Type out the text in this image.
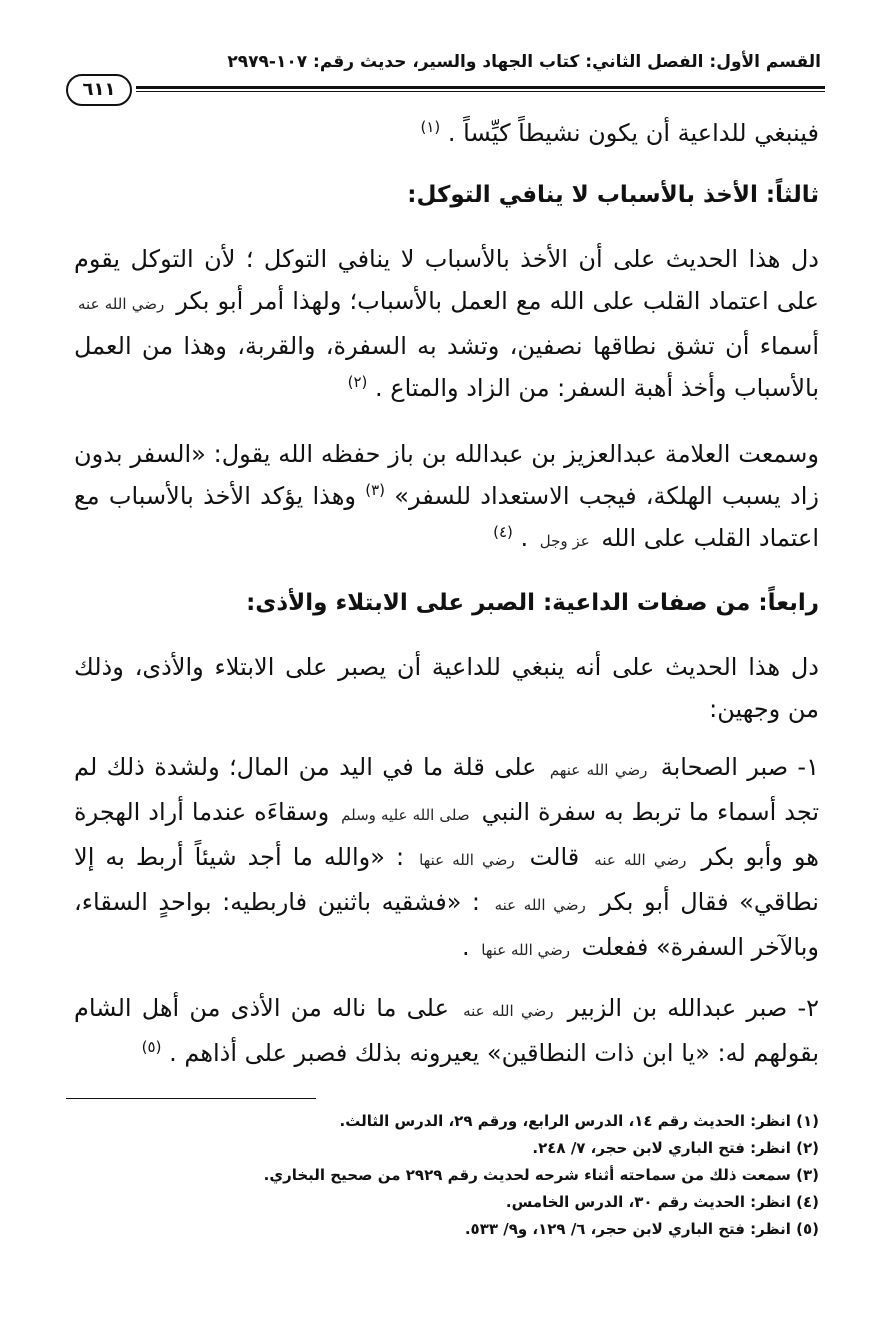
القسم الأول: الفصل الثاني: كتاب الجهاد والسير، حديث رقم: ١٠٧-٢٩٧٩
٦١١

فينبغي للداعية أن يكون نشيطاً كيِّساً . $^{(١)}$

ثالثاً: الأخذ بالأسباب لا ينافي التوكل:

دل هذا الحديث على أن الأخذ بالأسباب لا ينافي التوكل ؛ لأن التوكل يقوم على اعتماد القلب على الله مع العمل بالأسباب؛ ولهذا أمر أبو بكر رضي الله عنه أسماء أن تشق نطاقها نصفين، وتشد به السفرة، والقربة، وهذا من العمل بالأسباب وأخذ أهبة السفر: من الزاد والمتاع . $^{(٢)}$

وسمعت العلامة عبدالعزيز بن عبدالله بن باز حفظه الله يقول: «السفر بدون زاد يسبب الهلكة، فيجب الاستعداد للسفر» $^{(٣)}$ وهذا يؤكد الأخذ بالأسباب مع اعتماد القلب على الله عز وجل . $^{(٤)}$

رابعاً: من صفات الداعية: الصبر على الابتلاء والأذى:

دل هذا الحديث على أنه ينبغي للداعية أن يصبر على الابتلاء والأذى، وذلك من وجهين:

١- صبر الصحابة رضي الله عنهم على قلة ما في اليد من المال؛ ولشدة ذلك لم تجد أسماء ما تربط به سفرة النبي صلى الله عليه وسلم وسقاءَه عندما أراد الهجرة هو وأبو بكر رضي الله عنه قالت رضي الله عنها : «والله ما أجد شيئاً أربط به إلا نطاقي» فقال أبو بكر رضي الله عنه : «فشقيه باثنين فاربطيه: بواحدٍ السقاء، وبالآخر السفرة» ففعلت رضي الله عنها .

٢- صبر عبدالله بن الزبير رضي الله عنه على ما ناله من الأذى من أهل الشام بقولهم له: «يا ابن ذات النطاقين» يعيرونه بذلك فصبر على أذاهم . $^{(٥)}$

(١) انظر: الحديث رقم ١٤، الدرس الرابع، ورقم ٢٩، الدرس الثالث.

(٢) انظر: فتح الباري لابن حجر، ٧/ ٢٤٨.

(٣) سمعت ذلك من سماحته أثناء شرحه لحديث رقم ٢٩٢٩ من صحيح البخاري.

(٤) انظر: الحديث رقم ٣٠، الدرس الخامس.

(٥) انظر: فتح الباري لابن حجر، ٦/ ١٢٩، و٩/ ٥٣٣.
